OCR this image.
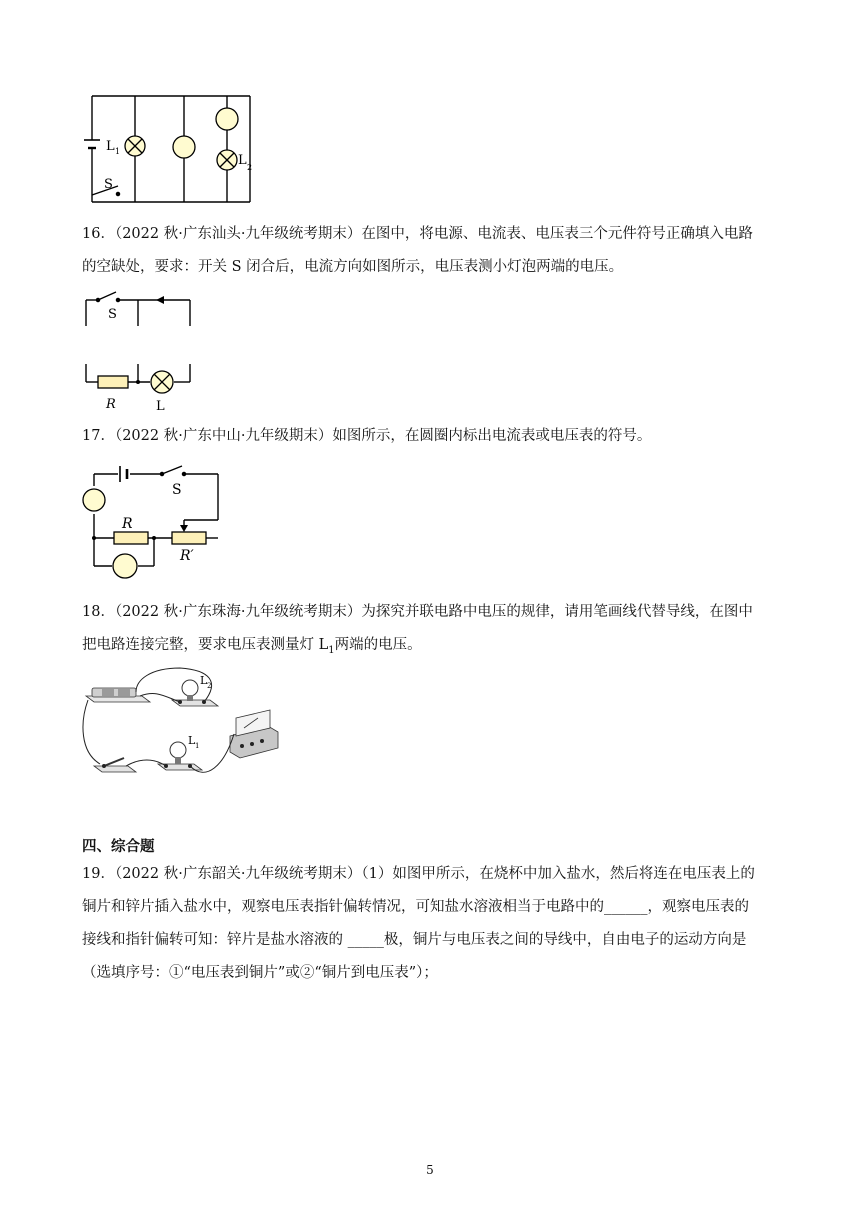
L 1
L 2
S
16．（2022 秋·广东汕头·九年级统考期末）在图中，将电源、电流表、电压表三个元件符号正确填入电路
的空缺处，要求：开关 S 闭合后，电流方向如图所示，电压表测小灯泡两端的电压。
S
R	L
17．（2022 秋·广东中山·九年级期末）如图所示，在圆圈内标出电流表或电压表的符号。
S
R
R′
18．（2022 秋·广东珠海·九年级统考期末）为探究并联电路中电压的规律，请用笔画线代替导线，在图中
把电路连接完整，要求电压表测量灯 $L_1$两端的电压。
L 2
L 1
四、综合题
19．（2022 秋·广东韶关·九年级统考期末）（1）如图甲所示，在烧杯中加入盐水，然后将连在电压表上的
铜片和锌片插入盐水中，观察电压表指针偏转情况，可知盐水溶液相当于电路中的______，观察电压表的
接线和指针偏转可知：锌片是盐水溶液的 _____极，铜片与电压表之间的导线中，自由电子的运动方向是
（选填序号：①“电压表到铜片”或②“铜片到电压表”）；
5
